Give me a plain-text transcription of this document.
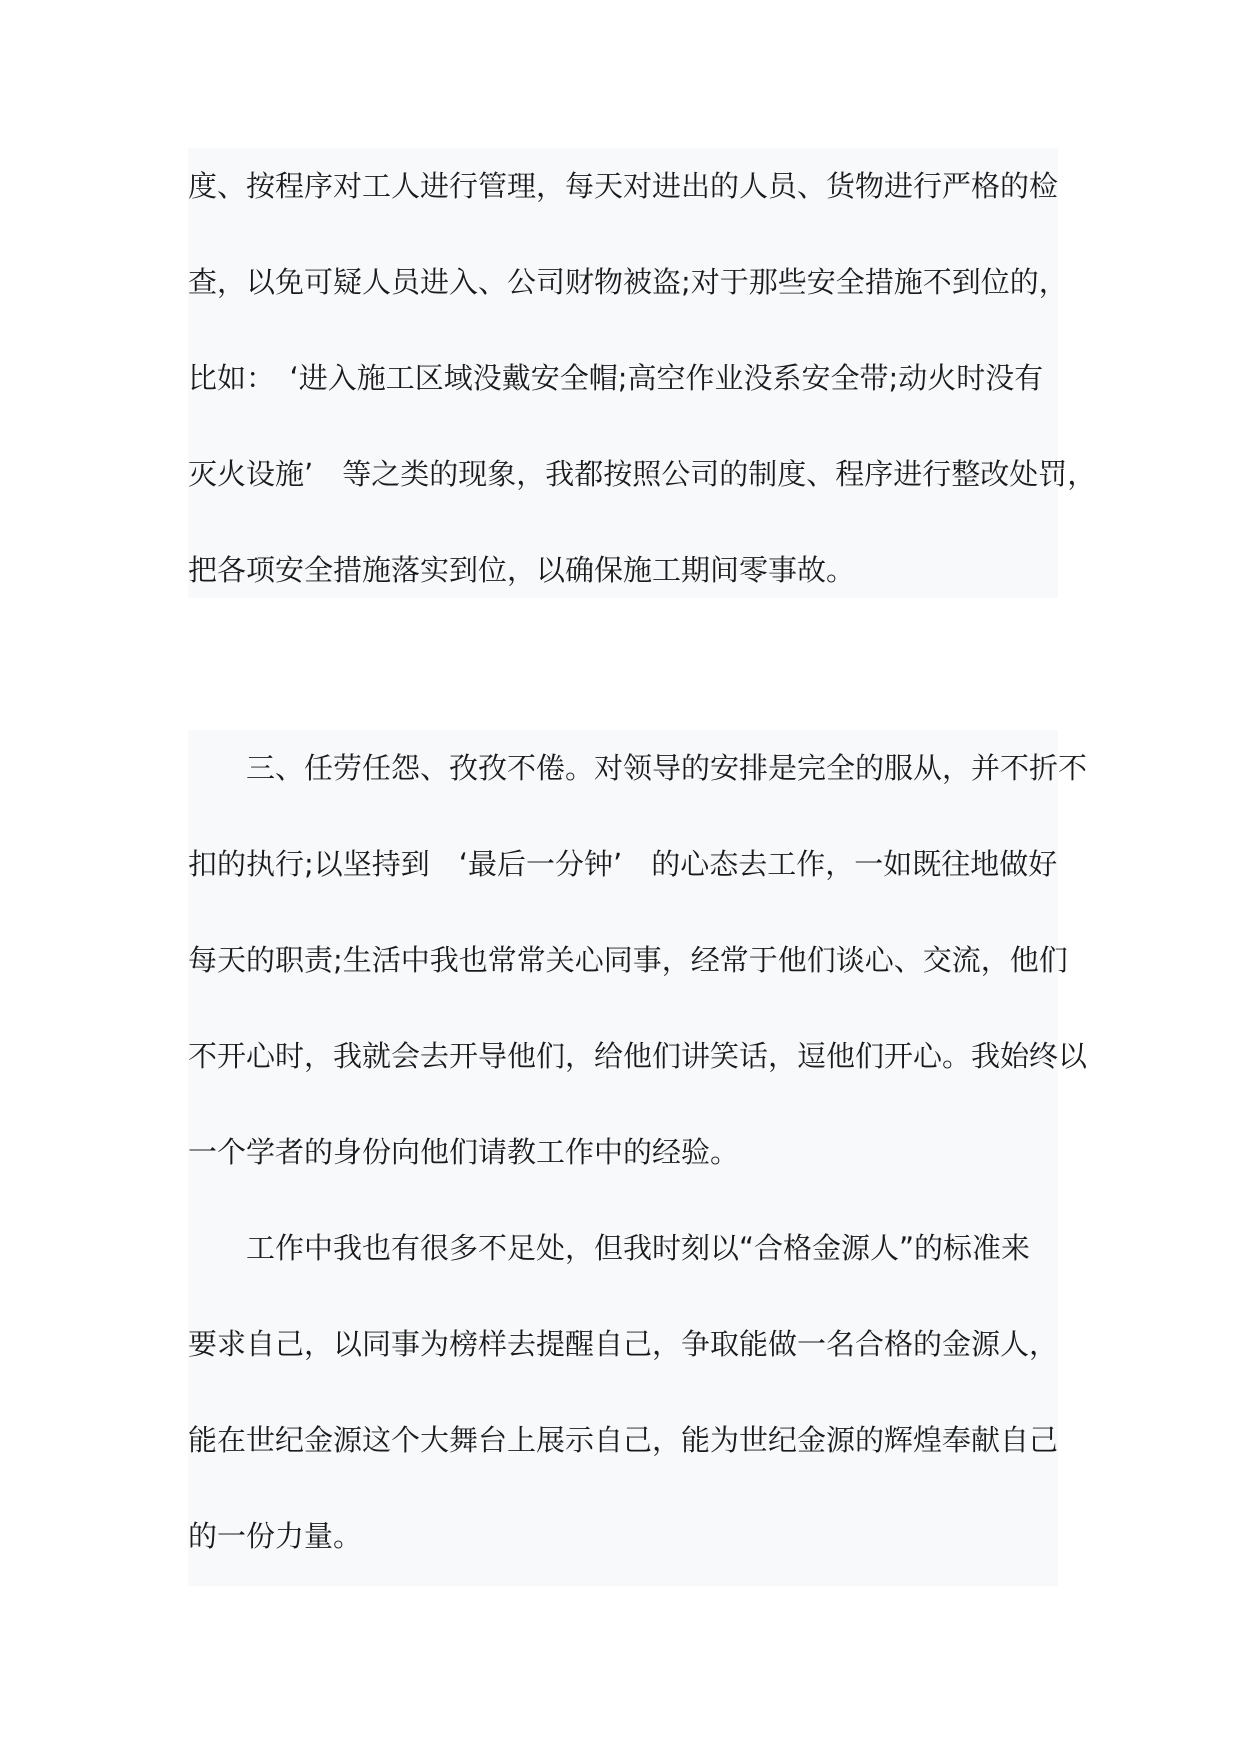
度、按程序对工人进行管理，每天对进出的人员、货物进行严格的检
查，以免可疑人员进入、公司财物被盗;对于那些安全措施不到位的，
比如：　‘进入施工区域没戴安全帽;高空作业没系安全带;动火时没有
灭火设施’　等之类的现象，我都按照公司的制度、程序进行整改处罚，
把各项安全措施落实到位，以确保施工期间零事故。
三、任劳任怨、孜孜不倦。对领导的安排是完全的服从，并不折不
扣的执行;以坚持到　‘最后一分钟’　的心态去工作，一如既往地做好
每天的职责;生活中我也常常关心同事，经常于他们谈心、交流，他们
不开心时，我就会去开导他们，给他们讲笑话，逗他们开心。我始终以
一个学者的身份向他们请教工作中的经验。
工作中我也有很多不足处，但我时刻以“合格金源人”的标准来
要求自己，以同事为榜样去提醒自己，争取能做一名合格的金源人，
能在世纪金源这个大舞台上展示自己，能为世纪金源的辉煌奉献自己
的一份力量。
